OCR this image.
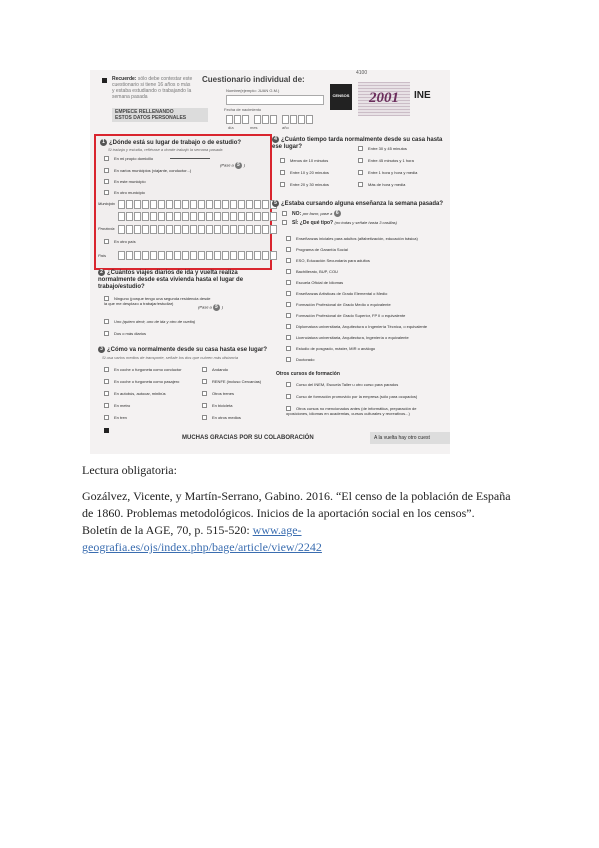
4100
Recuerde: sólo debe contestar este cuestionario si tiene 16 años o más y estaba estudiando o trabajando la semana pasada
EMPIECE RELLENANDO
ESTOS DATOS PERSONALES
Cuestionario individual de:
Nombre(ejemplo: JUAN G.M.)
Fecha de nacimiento
día	mes	año
CENSOS	2001	INE
1 ¿Dónde está su lugar de trabajo o de estudio?
Si trabaja y estudia, refiérase a donde trabajó la semana pasada
En mi propio domicilio
En varios municipios (viajante, conductor...)
(Pase a 5 )
En este municipio
En otro municipio
Municipio
Provincia
En otro país
País
2 ¿Cuántos viajes diarios de ida y vuelta realiza normalmente desde esta vivienda hasta el lugar de trabajo/estudio?
Ninguno (porque tengo una segunda residencia desde la que me desplazo a trabajar/estudiar)
(Pase a 5 )
Uno (quiero decir, uno de ida y otro de vuelta)
Dos o más diarios
3 ¿Cómo va normalmente desde su casa hasta ese lugar?
Si usa varios medios de transporte, señale los dos que cubren más distancia
En coche o furgoneta como conductor
En coche o furgoneta como pasajero
En autobús, autocar, minibús
En metro
En tren
Andando
RENFE (incluso Cercanías)
Otros trenes
En bicicleta
En otros medios
4 ¿Cuánto tiempo tarda normalmente desde su casa hasta ese lugar?
Menos de 10 minutos
Entre 10 y 20 minutos
Entre 20 y 30 minutos
Entre 30 y 45 minutos
Entre 45 minutos y 1 hora
Entre 1 hora y hora y media
Más de hora y media
5 ¿Estaba cursando alguna enseñanza la semana pasada?
NO: por favor, pase a 6
SÍ: ¿De qué tipo? (no todas y señale hasta 3 casillas)
Enseñanzas iniciales para adultos (alfabetización, educación básica)
Programa de Garantía Social
ESO, Educación Secundaria para adultos
Bachillerato, BUP, COU
Escuela Oficial de Idiomas
Enseñanzas Artísticas de Grado Elemental o Medio
Formación Profesional de Grado Medio o equivalente
Formación Profesional de Grado Superior, FP II o equivalente
Diplomatura universitaria, Arquitectura o Ingeniería Técnica, o equivalente
Licenciatura universitaria, Arquitectura, Ingeniería o equivalente
Estudio de posgrado, máster, MIR o análogo
Doctorado
Otros cursos de formación
Curso del INEM, Escuela Taller u otro curso para parados
Curso de formación promovido por la empresa (sólo para ocupados)
Otros cursos no mencionados antes (de informática, preparación de oposiciones, idiomas en academias, cursos culturales y recreativos...)
MUCHAS GRACIAS POR SU COLABORACIÓN	A la vuelta hay otro cuest
Lectura obligatoria:
Gozálvez, Vicente, y Martín-Serrano, Gabino. 2016. “El censo de la población de España de 1860. Problemas metodológicos. Inicios de la aportación social en los censos”. Boletín de la AGE, 70, p. 515-520: www.age-geografia.es/ojs/index.php/bage/article/view/2242
